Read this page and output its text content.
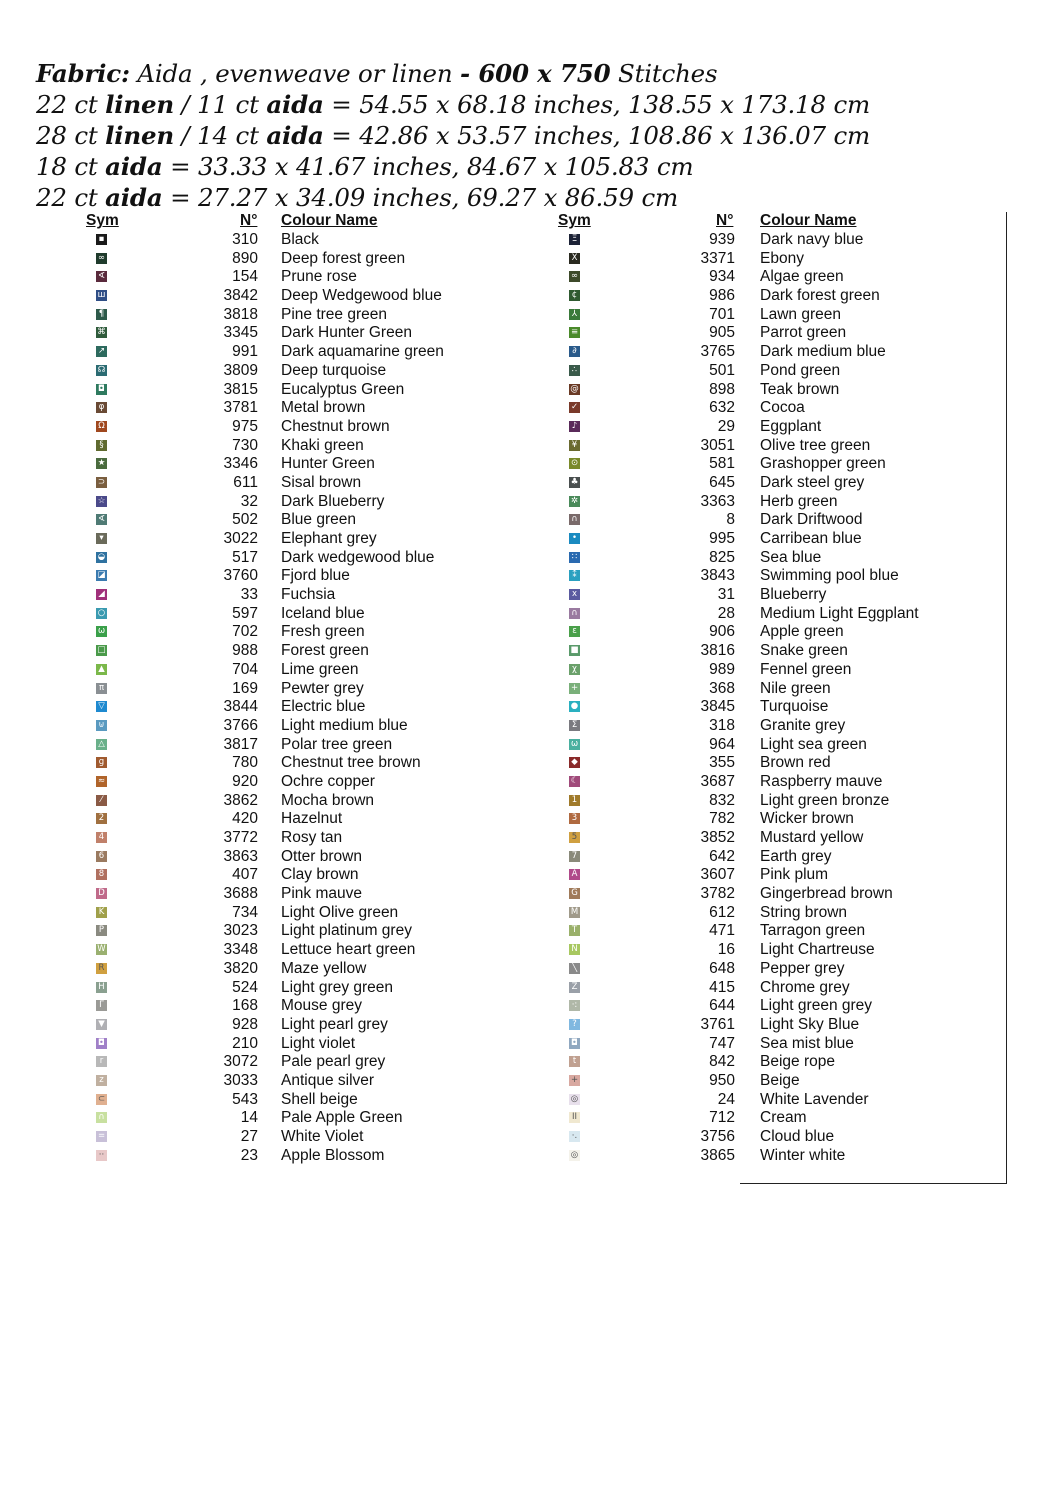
Fabric: Aida , evenweave or linen - 600 x 750 Stitches
22 ct linen / 11 ct aida = 54.55 x 68.18 inches, 138.55 x 173.18 cm
28 ct linen / 14 ct aida = 42.86 x 53.57 inches, 108.86 x 136.07 cm
18 ct aida = 33.33 x 41.67 inches, 84.67 x 105.83 cm
22 ct aida = 27.27 x 34.09 inches, 69.27 x 86.59 cm
Sym	N° Colour Name
▪	310 Black
∞	890 Deep forest green
∢	154 Prune rose
ш	3842 Deep Wedgewood blue
¶	3818 Pine tree green
⌘	3345 Dark Hunter Green
↗	991 Dark aquamarine green
☊	3809 Deep turquoise
◘	3815 Eucalyptus Green
φ	3781 Metal brown
Ω	975 Chestnut brown
§	730 Khaki green
★	3346 Hunter Green
⊃	611 Sisal brown
☆	32 Dark Blueberry
∢	502 Blue green
▾	3022 Elephant grey
◒	517 Dark wedgewood blue
◪	3760 Fjord blue
◢	33 Fuchsia
○	597 Iceland blue
ω	702 Fresh green
□	988 Forest green
▲	704 Lime green
π	169 Pewter grey
▽	3844 Electric blue
⊍	3766 Light medium blue
△	3817 Polar tree green
g	780 Chestnut tree brown
≈	920 Ochre copper
⁄	3862 Mocha brown
2	420 Hazelnut
4	3772 Rosy tan
6	3863 Otter brown
8	407 Clay brown
D	3688 Pink mauve
K	734 Light Olive green
P	3023 Light platinum grey
W	3348 Lettuce heart green
R	3820 Maze yellow
H	524 Light grey green
Γ	168 Mouse grey
▼	928 Light pearl grey
◘	210 Light violet
r	3072 Pale pearl grey
z	3033 Antique silver
⊂	543 Shell beige
∩	14 Pale Apple Green
=	27 White Violet
··	23 Apple Blossom
Sym	N° Colour Name
Ξ	939 Dark navy blue
X	3371 Ebony
∞	934 Algae green
¢	986 Dark forest green
⅄	701 Lawn green
≡	905 Parrot green
∂	3765 Dark medium blue
∴	501 Pond green
@	898 Teak brown
✓	632 Cocoa
♪	29 Eggplant
¥	3051 Olive tree green
⊙	581 Grashopper green
♣	645 Dark steel grey
✲	3363 Herb green
∩	8 Dark Driftwood
•	995 Carribean blue
∷	825 Sea blue
⁑	3843 Swimming pool blue
x	31 Blueberry
∩	28 Medium Light Eggplant
ε	906 Apple green
■	3816 Snake green
χ	989 Fennel green
+	368 Nile green
●	3845 Turquoise
Σ	318 Granite grey
ω	964 Light sea green
◆	355 Brown red
☾	3687 Raspberry mauve
1	832 Light green bronze
3	782 Wicker brown
5	3852 Mustard yellow
7	642 Earth grey
A	3607 Pink plum
G	3782 Gingerbread brown
M	612 String brown
T	471 Tarragon green
N	16 Light Chartreuse
╲	648 Pepper grey
Z	415 Chrome grey
·:	644 Light green grey
?	3761 Light Sky Blue
◘	747 Sea mist blue
t	842 Beige rope
+	950 Beige
◎	24 White Lavender
II	712 Cream
·.	3756 Cloud blue
◎	3865 Winter white
